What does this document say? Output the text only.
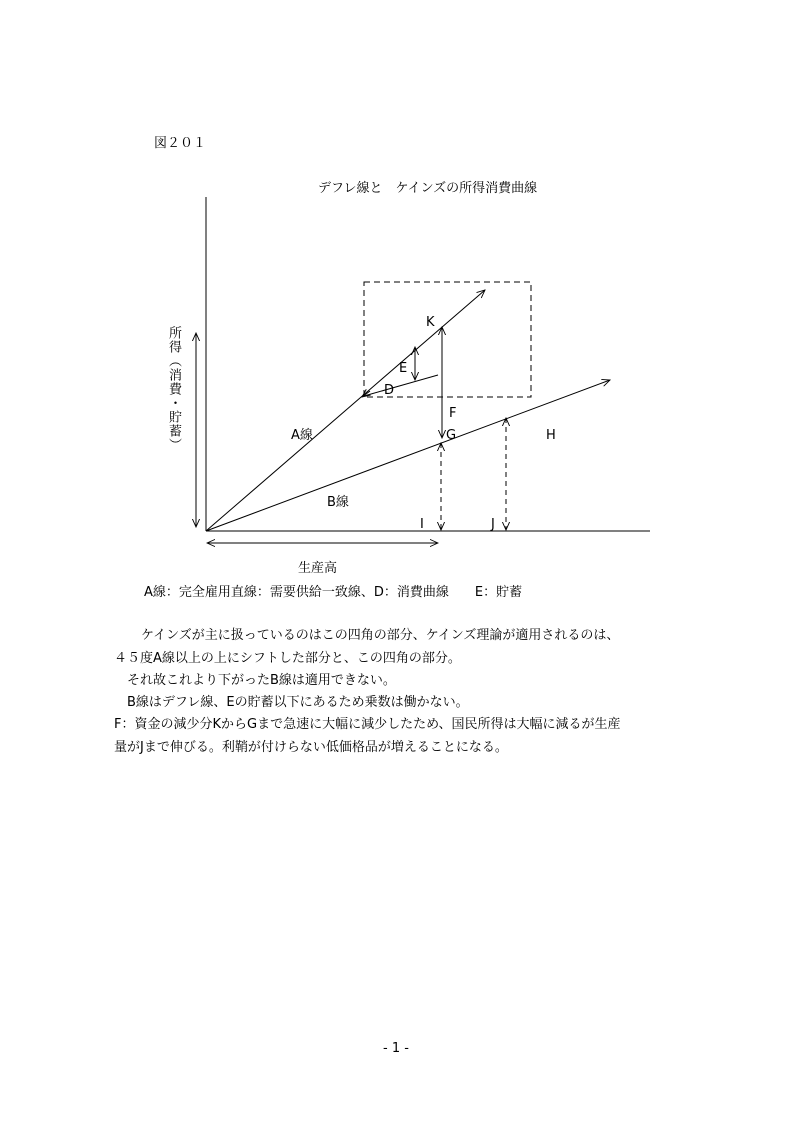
図２０１
デフレ線と　ケインズの所得消費曲線
K
E
D
F
G	H
I	J
A線
B線
所得（消費・貯蓄）
生産高
A線：完全雇用直線：需要供給一致線、D：消費曲線　　E：貯蓄
　ケインズが主に扱っているのはこの四角の部分、ケインズ理論が適用されるのは、
４５度A線以上の上にシフトした部分と、この四角の部分。
　それ故これより下がったB線は適用できない。
　B線はデフレ線、Eの貯蓄以下にあるため乗数は働かない。
F：資金の減少分KからGまで急速に大幅に減少したため、国民所得は大幅に減るが生産
量がJまで伸びる。利鞘が付けらない低価格品が増えることになる。
- 1 -
